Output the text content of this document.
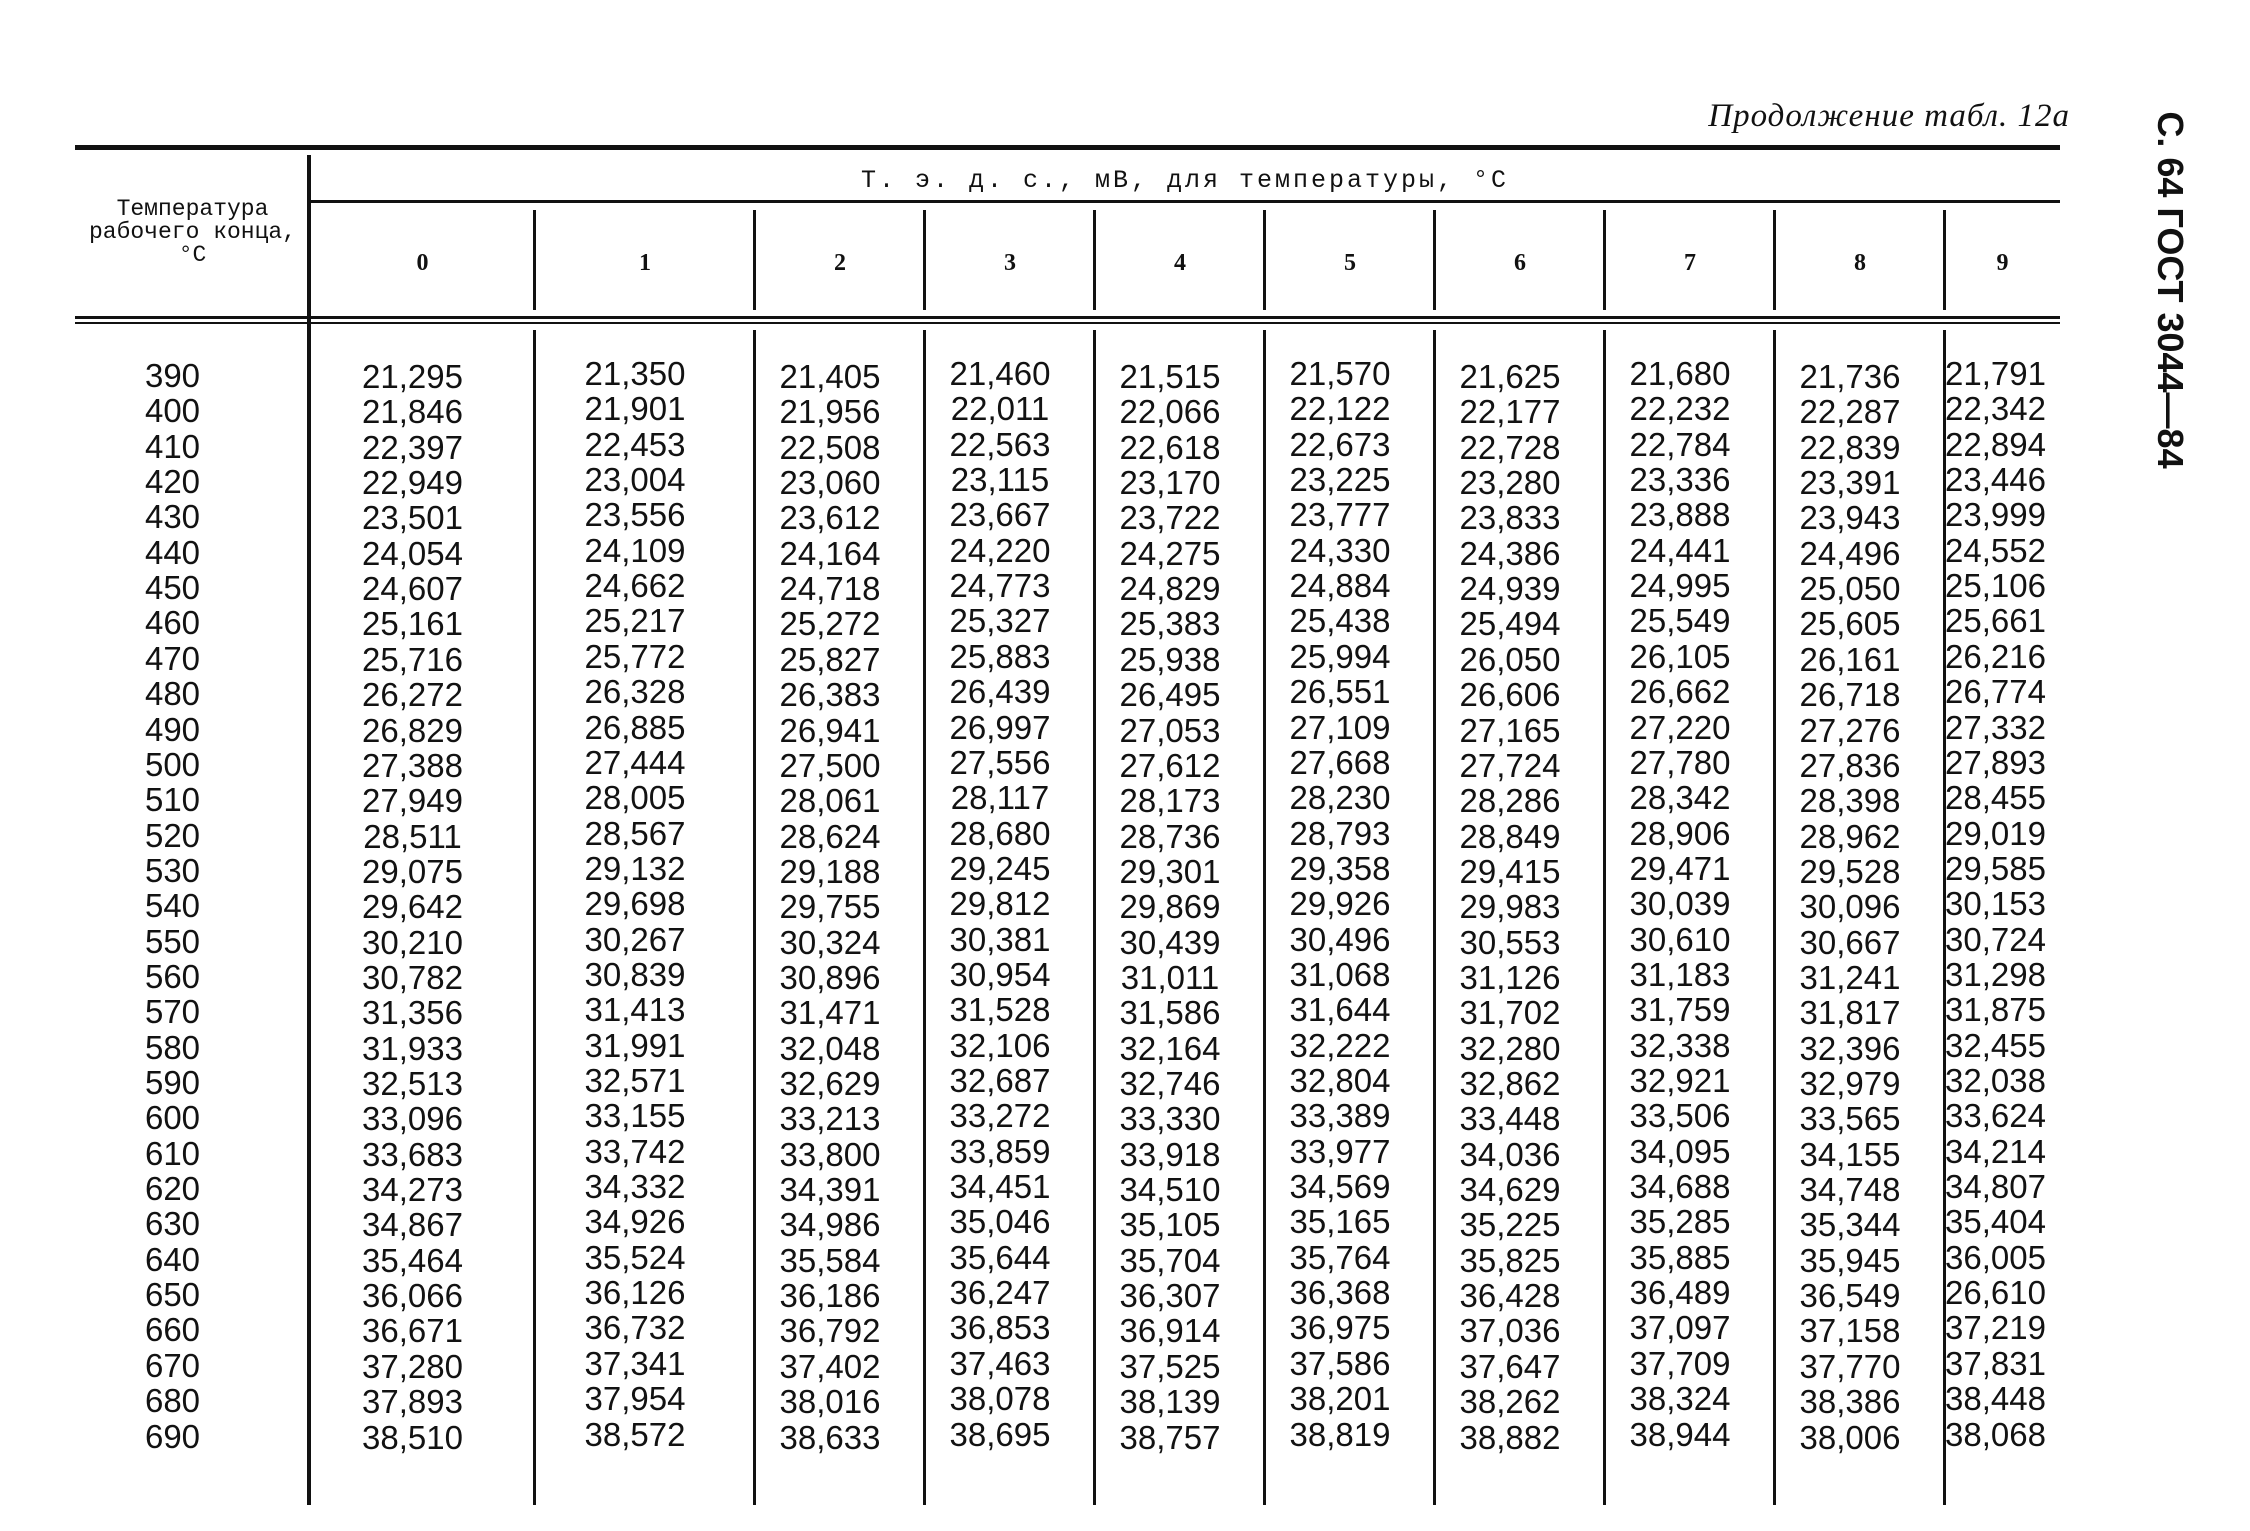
Продолжение табл. 12а С. 64 ГОСТ 3044—84
Температура рабочего конца, °С
Т. э. д. с., мВ, для температуры, °С
0	1	2	3	4	5	6	7	8	9
390	21,295	21,350	21,405	21,460	21,515	21,570	21,625	21,680	21,736	21,791
400	21,846	21,901	21,956	22,011	22,066	22,122	22,177	22,232	22,287	22,342
410	22,397	22,453	22,508	22,563	22,618	22,673	22,728	22,784	22,839	22,894
420	22,949	23,004	23,060	23,115	23,170	23,225	23,280	23,336	23,391	23,446
430	23,501	23,556	23,612	23,667	23,722	23,777	23,833	23,888	23,943	23,999
440	24,054	24,109	24,164	24,220	24,275	24,330	24,386	24,441	24,496	24,552
450	24,607	24,662	24,718	24,773	24,829	24,884	24,939	24,995	25,050	25,106
460	25,161	25,217	25,272	25,327	25,383	25,438	25,494	25,549	25,605	25,661
470	25,716	25,772	25,827	25,883	25,938	25,994	26,050	26,105	26,161	26,216
480	26,272	26,328	26,383	26,439	26,495	26,551	26,606	26,662	26,718	26,774
490	26,829	26,885	26,941	26,997	27,053	27,109	27,165	27,220	27,276	27,332
500	27,388	27,444	27,500	27,556	27,612	27,668	27,724	27,780	27,836	27,893
510	27,949	28,005	28,061	28,117	28,173	28,230	28,286	28,342	28,398	28,455
520	28,511	28,567	28,624	28,680	28,736	28,793	28,849	28,906	28,962	29,019
530	29,075	29,132	29,188	29,245	29,301	29,358	29,415	29,471	29,528	29,585
540	29,642	29,698	29,755	29,812	29,869	29,926	29,983	30,039	30,096	30,153
550	30,210	30,267	30,324	30,381	30,439	30,496	30,553	30,610	30,667	30,724
560	30,782	30,839	30,896	30,954	31,011	31,068	31,126	31,183	31,241	31,298
570	31,356	31,413	31,471	31,528	31,586	31,644	31,702	31,759	31,817	31,875
580	31,933	31,991	32,048	32,106	32,164	32,222	32,280	32,338	32,396	32,455
590	32,513	32,571	32,629	32,687	32,746	32,804	32,862	32,921	32,979	32,038
600	33,096	33,155	33,213	33,272	33,330	33,389	33,448	33,506	33,565	33,624
610	33,683	33,742	33,800	33,859	33,918	33,977	34,036	34,095	34,155	34,214
620	34,273	34,332	34,391	34,451	34,510	34,569	34,629	34,688	34,748	34,807
630	34,867	34,926	34,986	35,046	35,105	35,165	35,225	35,285	35,344	35,404
640	35,464	35,524	35,584	35,644	35,704	35,764	35,825	35,885	35,945	36,005
650	36,066	36,126	36,186	36,247	36,307	36,368	36,428	36,489	36,549	26,610
660	36,671	36,732	36,792	36,853	36,914	36,975	37,036	37,097	37,158	37,219
670	37,280	37,341	37,402	37,463	37,525	37,586	37,647	37,709	37,770	37,831
680	37,893	37,954	38,016	38,078	38,139	38,201	38,262	38,324	38,386	38,448
690	38,510	38,572	38,633	38,695	38,757	38,819	38,882	38,944	38,006	38,068
